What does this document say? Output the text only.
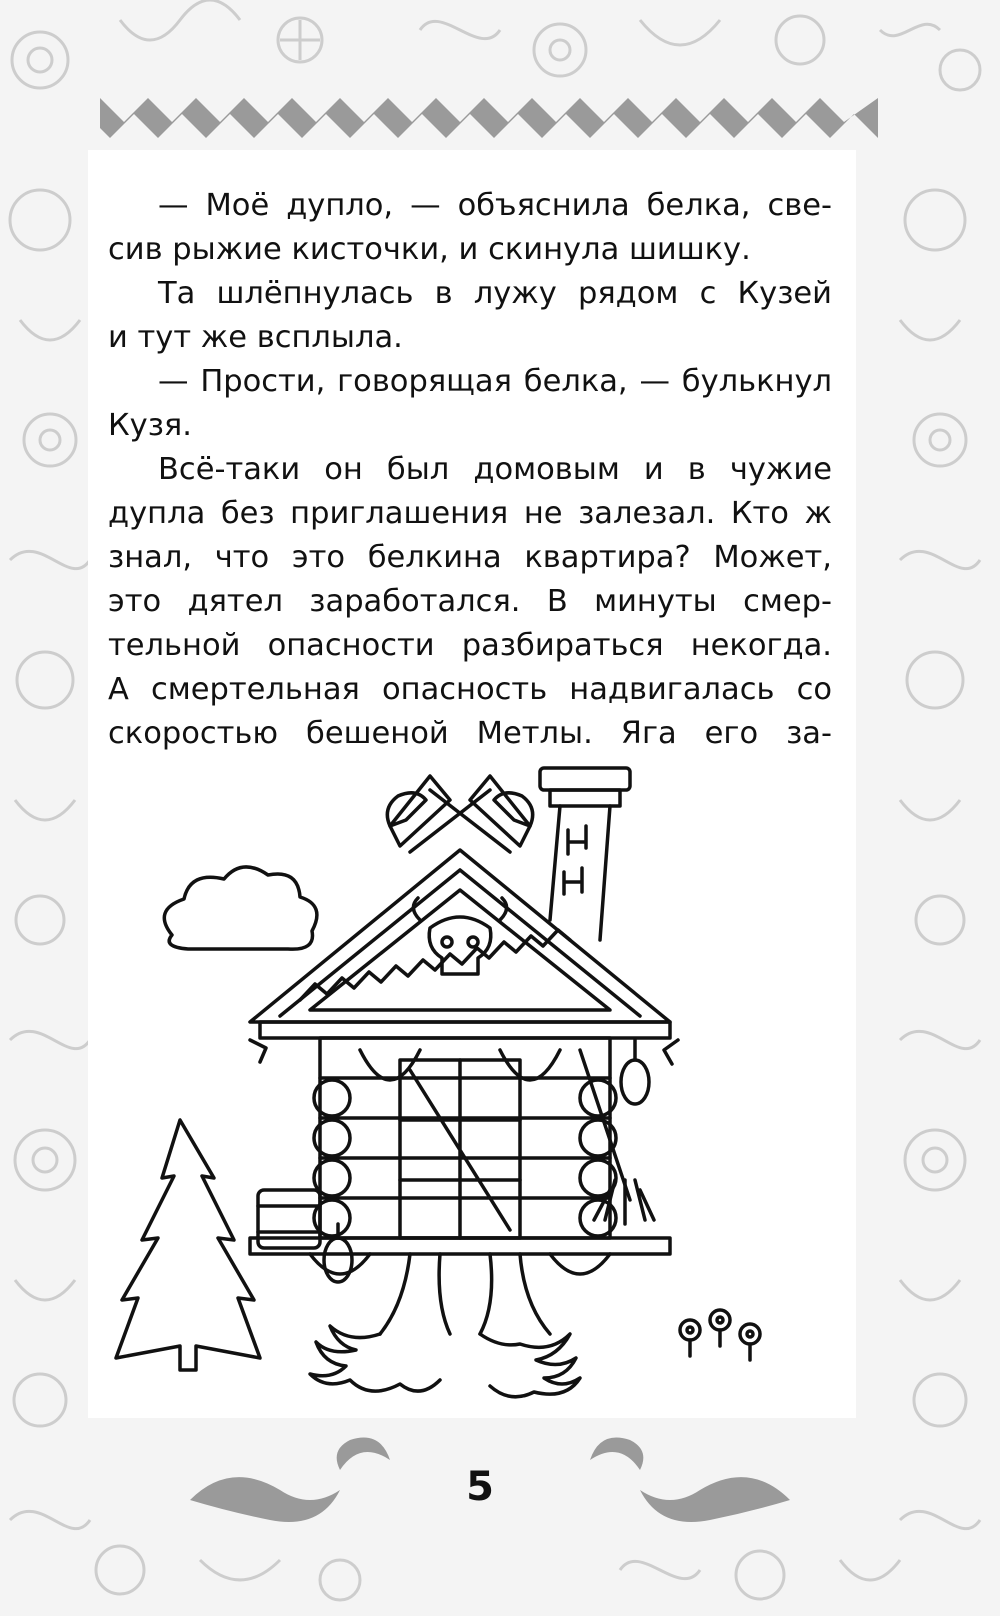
— Моё дупло, — объяснила белка, све-
сив рыжие кисточки, и скинула шишку.
Та шлёпнулась в лужу рядом с Кузей
и тут же всплыла.
— Прости, говорящая белка, — булькнул
Кузя.
Всё-таки он был домовым и в чужие
дупла без приглашения не залезал. Кто ж
знал, что это белкина квартира? Может,
это дятел заработался. В минуты смер-
тельной опасности разбираться некогда.
А смертельная опасность надвигалась со
скоростью бешеной Метлы. Яга его за-
5
